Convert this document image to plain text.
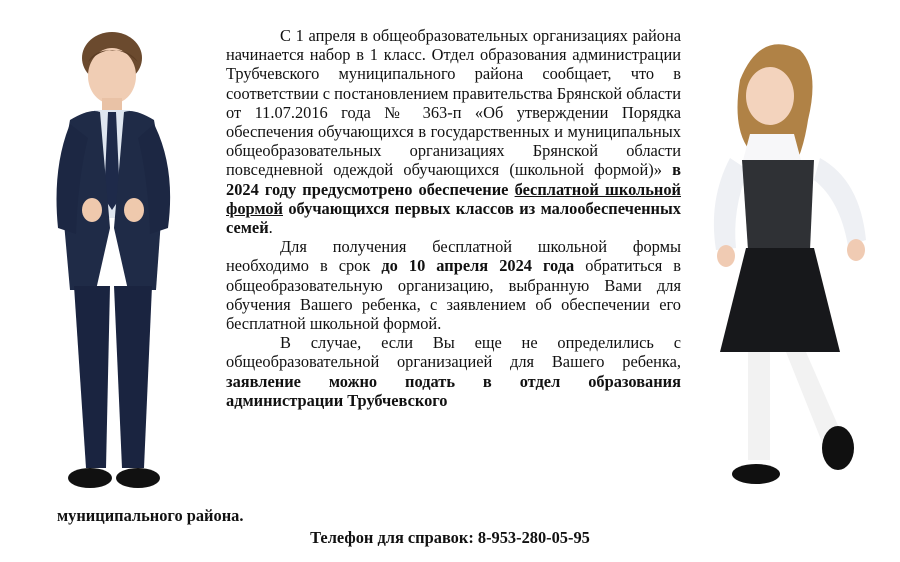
С 1 апреля в общеобразовательных организациях района начинается набор в 1 класс. Отдел образования администрации Трубчевского муниципального района сообщает, что в соответствии с постановлением правительства Брянской области от 11.07.2016 года № 363-п «Об утверждении Порядка обеспечения обучающихся в государственных и муниципальных общеобразовательных организациях Брянской области повседневной одеждой обучающихся (школьной формой)» в 2024 году предусмотрено обеспечение бесплатной школьной формой обучающихся первых классов из малообеспеченных семей.

Для получения бесплатной школьной формы необходимо в срок до 10 апреля 2024 года обратиться в общеобразовательную организацию, выбранную Вами для обучения Вашего ребенка, с заявлением об обеспечении его бесплатной школьной формой.

В случае, если Вы еще не определились с общеобразовательной организацией для Вашего ребенка, заявление можно подать в отдел образования администрации Трубчевского

муниципального района.
Телефон для справок: 8-953-280-05-95
